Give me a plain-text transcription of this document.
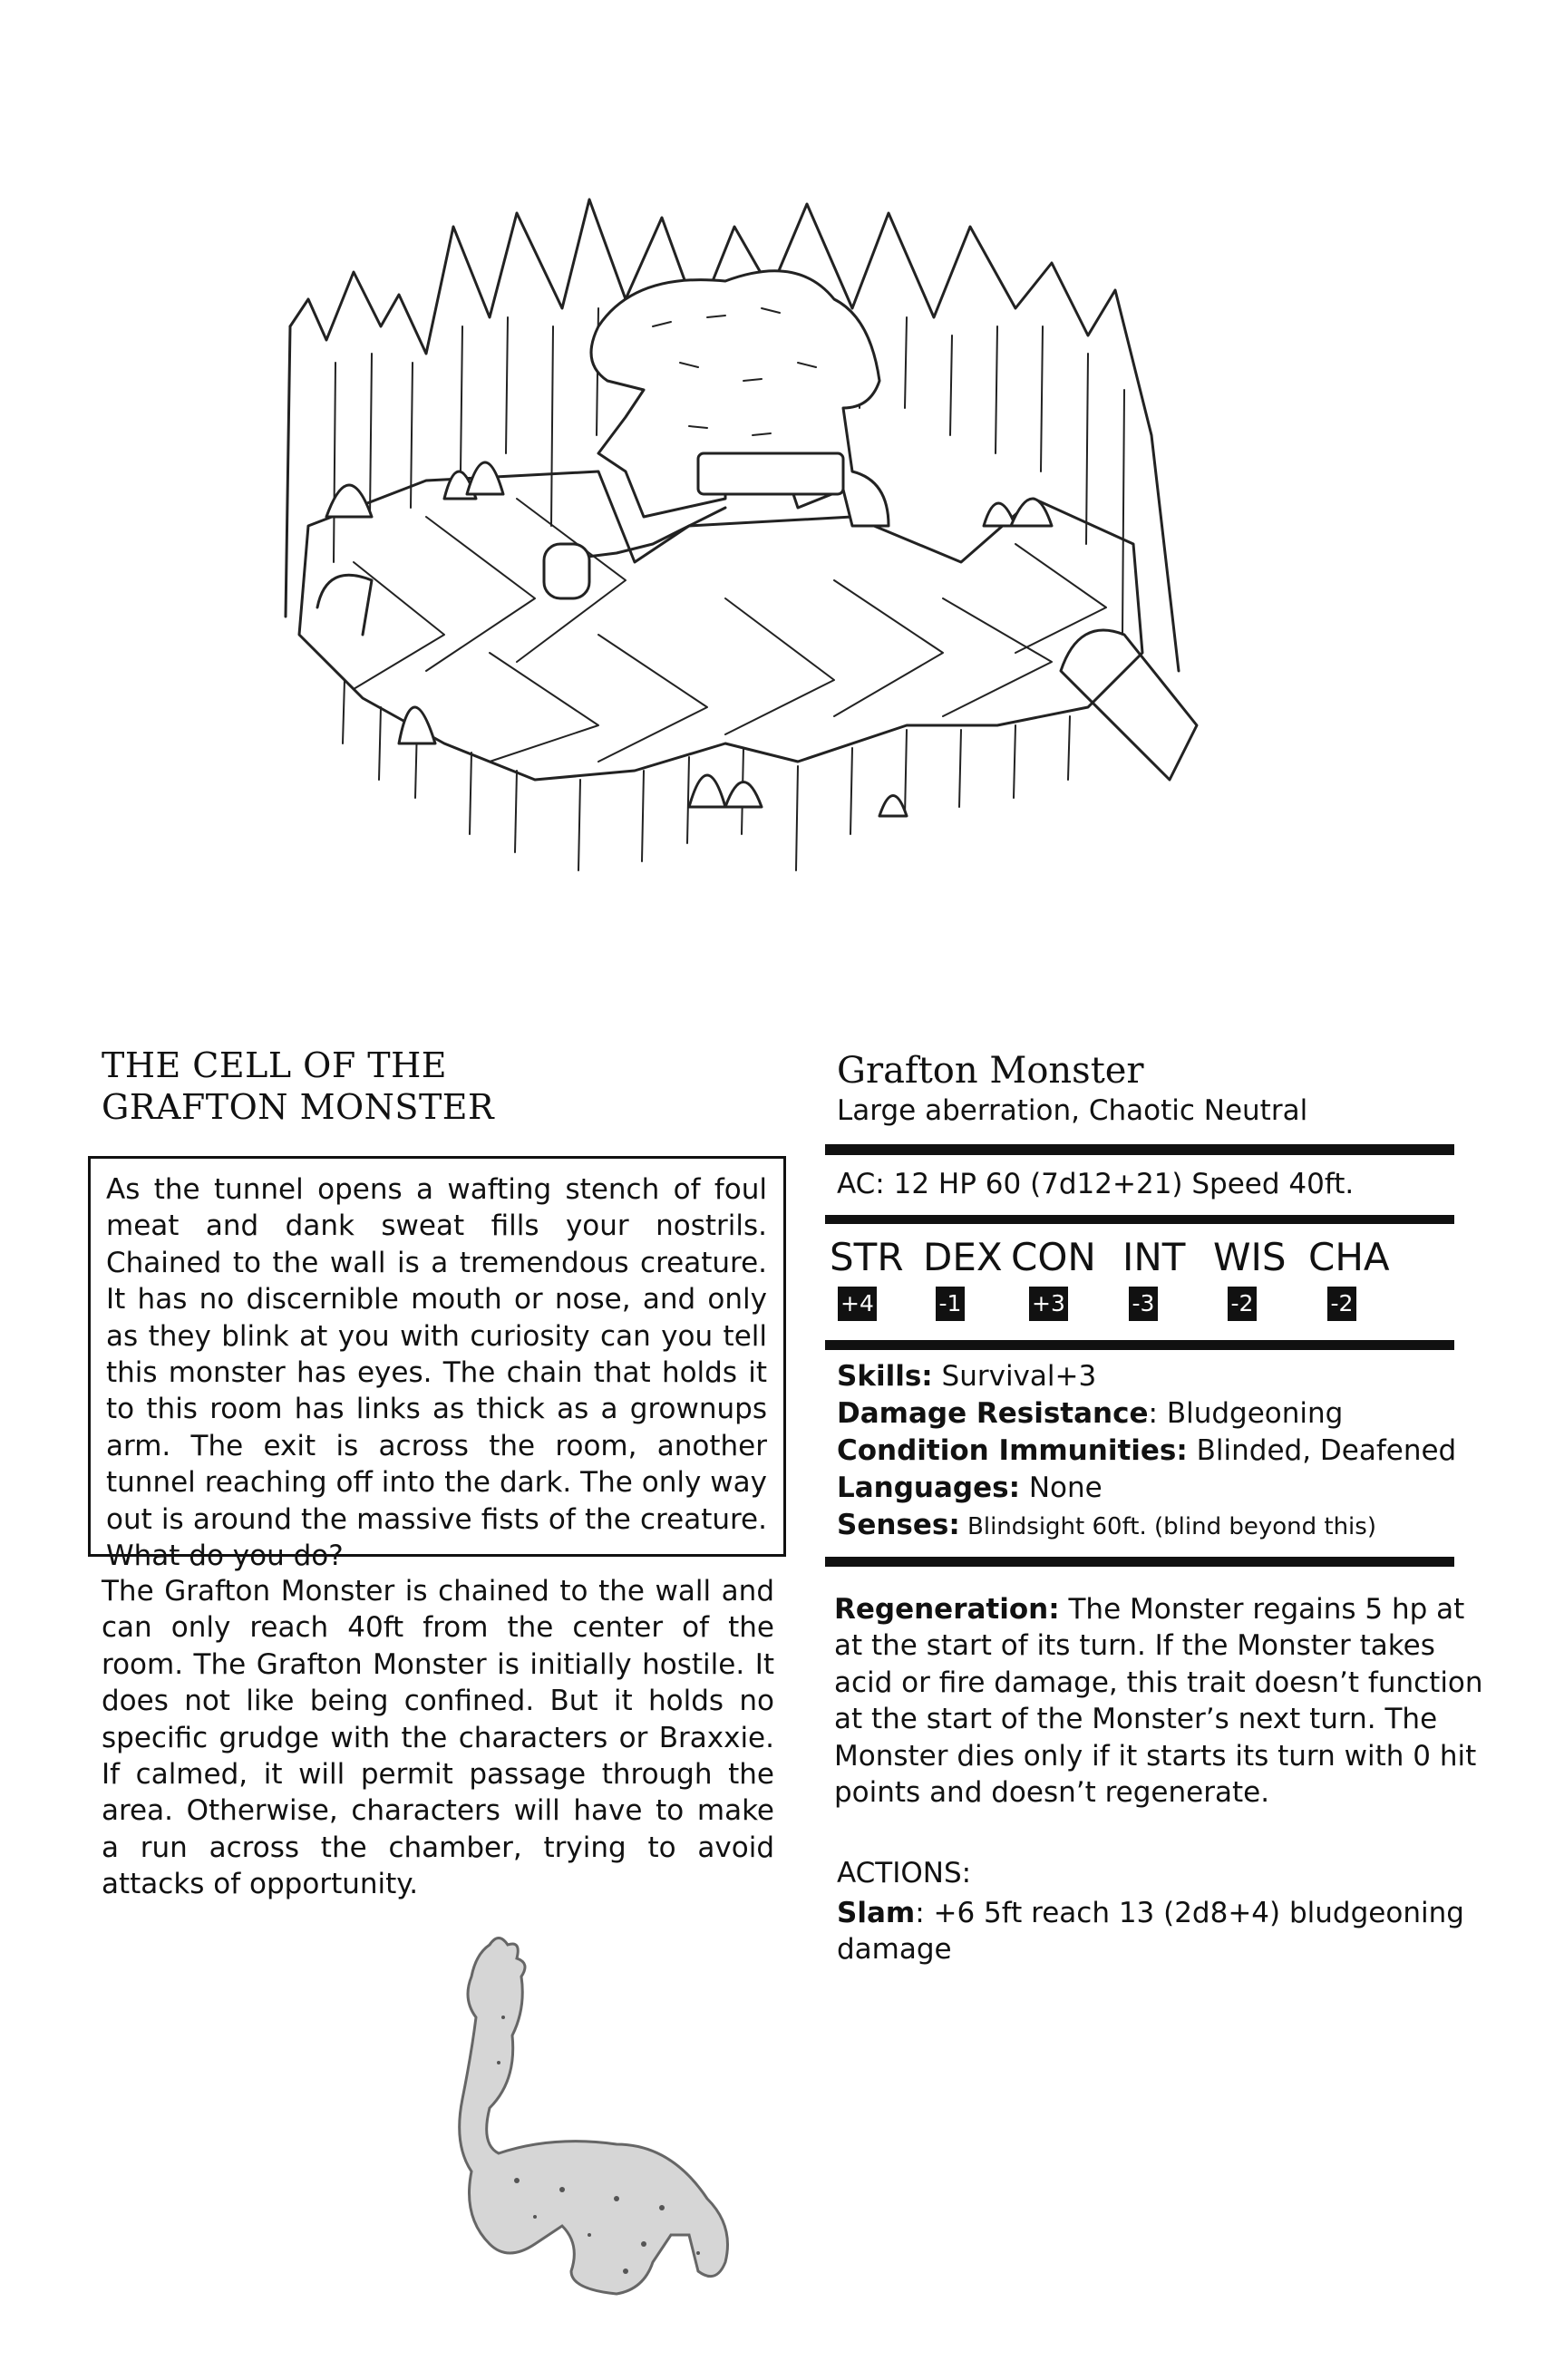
THE CELL OF THE
GRAFTON MONSTER
As the tunnel opens a wafting stench of foul meat and dank sweat fills your nostrils. Chained to the wall is a tremendous creature. It has no discernible mouth or nose, and only as they blink at you with curiosity can you tell this monster has eyes. The chain that holds it to this room has links as thick as a grownups arm. The exit is across the room, another tunnel reaching off into the dark. The only way out is around the massive fists of the creature. What do you do?
The Grafton Monster is chained to the wall and can only reach 40ft from the center of the room. The Grafton Monster is initially hostile. It does not like being confined. But it holds no specific grudge with the characters or Braxxie. If calmed, it will permit passage through the area. Otherwise, characters will have to make a run across the chamber, trying to avoid attacks of opportunity.
Grafton Monster
Large aberration, Chaotic Neutral
AC: 12 HP 60 (7d12+21) Speed 40ft.
STR DEX CON INT WIS CHA
+4	-1	+3	-3	-2	-2
Skills: Survival+3
Damage Resistance: Bludgeoning
Condition Immunities: Blinded, Deafened
Languages: None
Senses: Blindsight 60ft. (blind beyond this)
Regeneration: The Monster regains 5 hp at at the start of its turn. If the Monster takes acid or fire damage, this trait doesn’t function at the start of the Monster’s next turn. The Monster dies only if it starts its turn with 0 hit points and doesn’t regenerate.
ACTIONS:
Slam: +6 5ft reach 13 (2d8+4) bludgeoning damage
